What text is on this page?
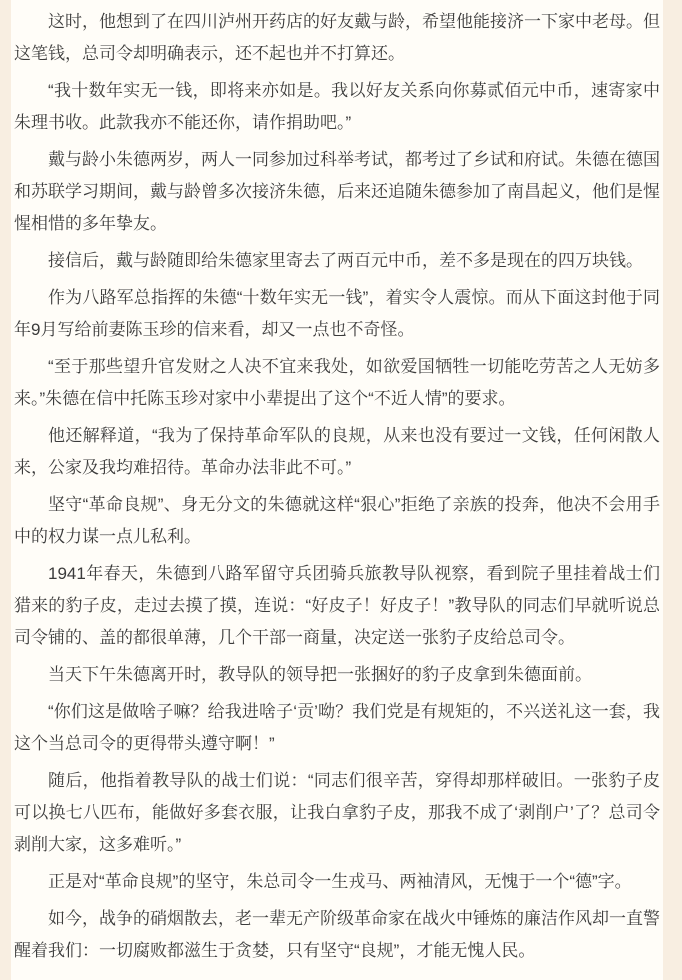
这时，他想到了在四川泸州开药店的好友戴与龄，希望他能接济一下家中老母。但这笔钱，总司令却明确表示，还不起也并不打算还。

“我十数年实无一钱，即将来亦如是。我以好友关系向你募贰佰元中币，速寄家中朱理书收。此款我亦不能还你，请作捐助吧。”

戴与龄小朱德两岁，两人一同参加过科举考试，都考过了乡试和府试。朱德在德国和苏联学习期间，戴与龄曾多次接济朱德，后来还追随朱德参加了南昌起义，他们是惺惺相惜的多年挚友。

接信后，戴与龄随即给朱德家里寄去了两百元中币，差不多是现在的四万块钱。

作为八路军总指挥的朱德“十数年实无一钱”，着实令人震惊。而从下面这封他于同年9月写给前妻陈玉珍的信来看，却又一点也不奇怪。

“至于那些望升官发财之人决不宜来我处，如欲爱国牺牲一切能吃劳苦之人无妨多来。”朱德在信中托陈玉珍对家中小辈提出了这个“不近人情”的要求。

他还解释道，“我为了保持革命军队的良规，从来也没有要过一文钱，任何闲散人来，公家及我均难招待。革命办法非此不可。”

坚守“革命良规”、身无分文的朱德就这样“狠心”拒绝了亲族的投奔，他决不会用手中的权力谋一点儿私利。

1941年春天，朱德到八路军留守兵团骑兵旅教导队视察，看到院子里挂着战士们猎来的豹子皮，走过去摸了摸，连说：“好皮子！好皮子！”教导队的同志们早就听说总司令铺的、盖的都很单薄，几个干部一商量，决定送一张豹子皮给总司令。

当天下午朱德离开时，教导队的领导把一张捆好的豹子皮拿到朱德面前。

“你们这是做啥子嘛？给我进啥子‘贡’呦？我们党是有规矩的，不兴送礼这一套，我这个当总司令的更得带头遵守啊！”

随后，他指着教导队的战士们说：“同志们很辛苦，穿得却那样破旧。一张豹子皮可以换七八匹布，能做好多套衣服，让我白拿豹子皮，那我不成了‘剥削户’了？总司令剥削大家，这多难听。”

正是对“革命良规”的坚守，朱总司令一生戎马、两袖清风，无愧于一个“德”字。

如今，战争的硝烟散去，老一辈无产阶级革命家在战火中锤炼的廉洁作风却一直警醒着我们：一切腐败都滋生于贪婪，只有坚守“良规”，才能无愧人民。
